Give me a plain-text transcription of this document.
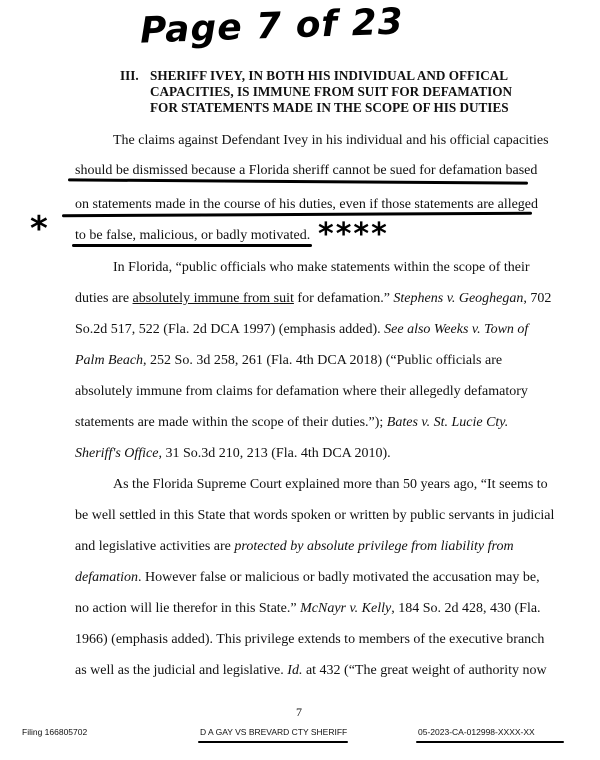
Page 7 of 23
III. SHERIFF IVEY, IN BOTH HIS INDIVIDUAL AND OFFICAL CAPACITIES, IS IMMUNE FROM SUIT FOR DEFAMATION FOR STATEMENTS MADE IN THE SCOPE OF HIS DUTIES
The claims against Defendant Ivey in his individual and his official capacities
should be dismissed because a Florida sheriff cannot be sued for defamation based
on statements made in the course of his duties, even if those statements are alleged
to be false, malicious, or badly motivated.
*	****
In Florida, “public officials who make statements within the scope of their
duties are absolutely immune from suit for defamation.” Stephens v. Geoghegan, 702
So.2d 517, 522 (Fla. 2d DCA 1997) (emphasis added). See also Weeks v. Town of
Palm Beach, 252 So. 3d 258, 261 (Fla. 4th DCA 2018) (“Public officials are
absolutely immune from claims for defamation where their allegedly defamatory
statements are made within the scope of their duties.”); Bates v. St. Lucie Cty.
Sheriff's Office, 31 So.3d 210, 213 (Fla. 4th DCA 2010).
As the Florida Supreme Court explained more than 50 years ago, “It seems to
be well settled in this State that words spoken or written by public servants in judicial
and legislative activities are protected by absolute privilege from liability from
defamation. However false or malicious or badly motivated the accusation may be,
no action will lie therefor in this State.” McNayr v. Kelly, 184 So. 2d 428, 430 (Fla.
1966) (emphasis added). This privilege extends to members of the executive branch
as well as the judicial and legislative. Id. at 432 (“The great weight of authority now
7
Filing 166805702	D A GAY VS BREVARD CTY SHERIFF	05-2023-CA-012998-XXXX-XX
